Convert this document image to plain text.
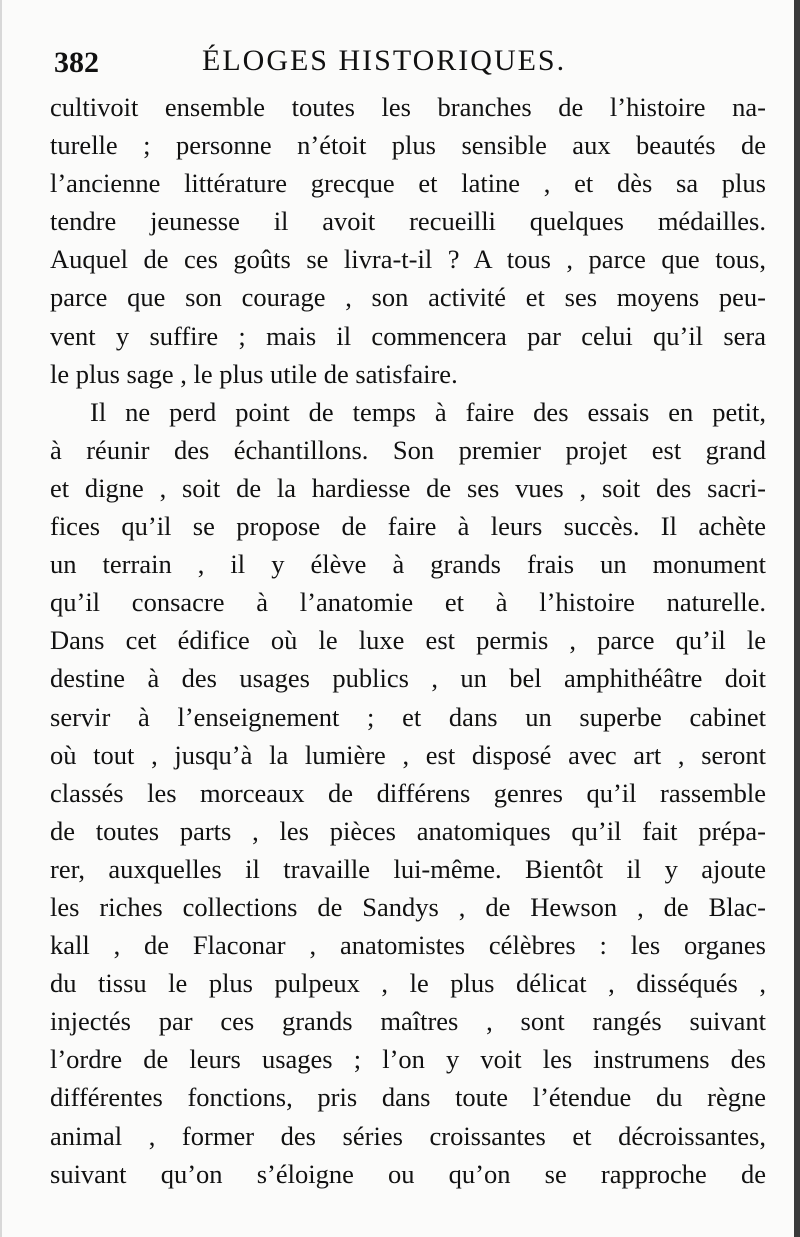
382	ÉLOGES HISTORIQUES.
cultivoit ensemble toutes les branches de l’histoire na-
turelle ; personne n’étoit plus sensible aux beautés de
l’ancienne littérature grecque et latine , et dès sa plus
tendre jeunesse il avoit recueilli quelques médailles.
Auquel de ces goûts se livra-t-il ? A tous , parce que tous,
parce que son courage , son activité et ses moyens peu-
vent y suffire ; mais il commencera par celui qu’il sera
le plus sage , le plus utile de satisfaire.
Il ne perd point de temps à faire des essais en petit,
à réunir des échantillons. Son premier projet est grand
et digne , soit de la hardiesse de ses vues , soit des sacri-
fices qu’il se propose de faire à leurs succès. Il achète
un terrain , il y élève à grands frais un monument
qu’il consacre à l’anatomie et à l’histoire naturelle.
Dans cet édifice où le luxe est permis , parce qu’il le
destine à des usages publics , un bel amphithéâtre doit
servir à l’enseignement ; et dans un superbe cabinet
où tout , jusqu’à la lumière , est disposé avec art , seront
classés les morceaux de différens genres qu’il rassemble
de toutes parts , les pièces anatomiques qu’il fait prépa-
rer, auxquelles il travaille lui-même. Bientôt il y ajoute
les riches collections de Sandys , de Hewson , de Blac-
kall , de Flaconar , anatomistes célèbres : les organes
du tissu le plus pulpeux , le plus délicat , disséqués ,
injectés par ces grands maîtres , sont rangés suivant
l’ordre de leurs usages ; l’on y voit les instrumens des
différentes fonctions, pris dans toute l’étendue du règne
animal , former des séries croissantes et décroissantes,
suivant qu’on s’éloigne ou qu’on se rapproche de
